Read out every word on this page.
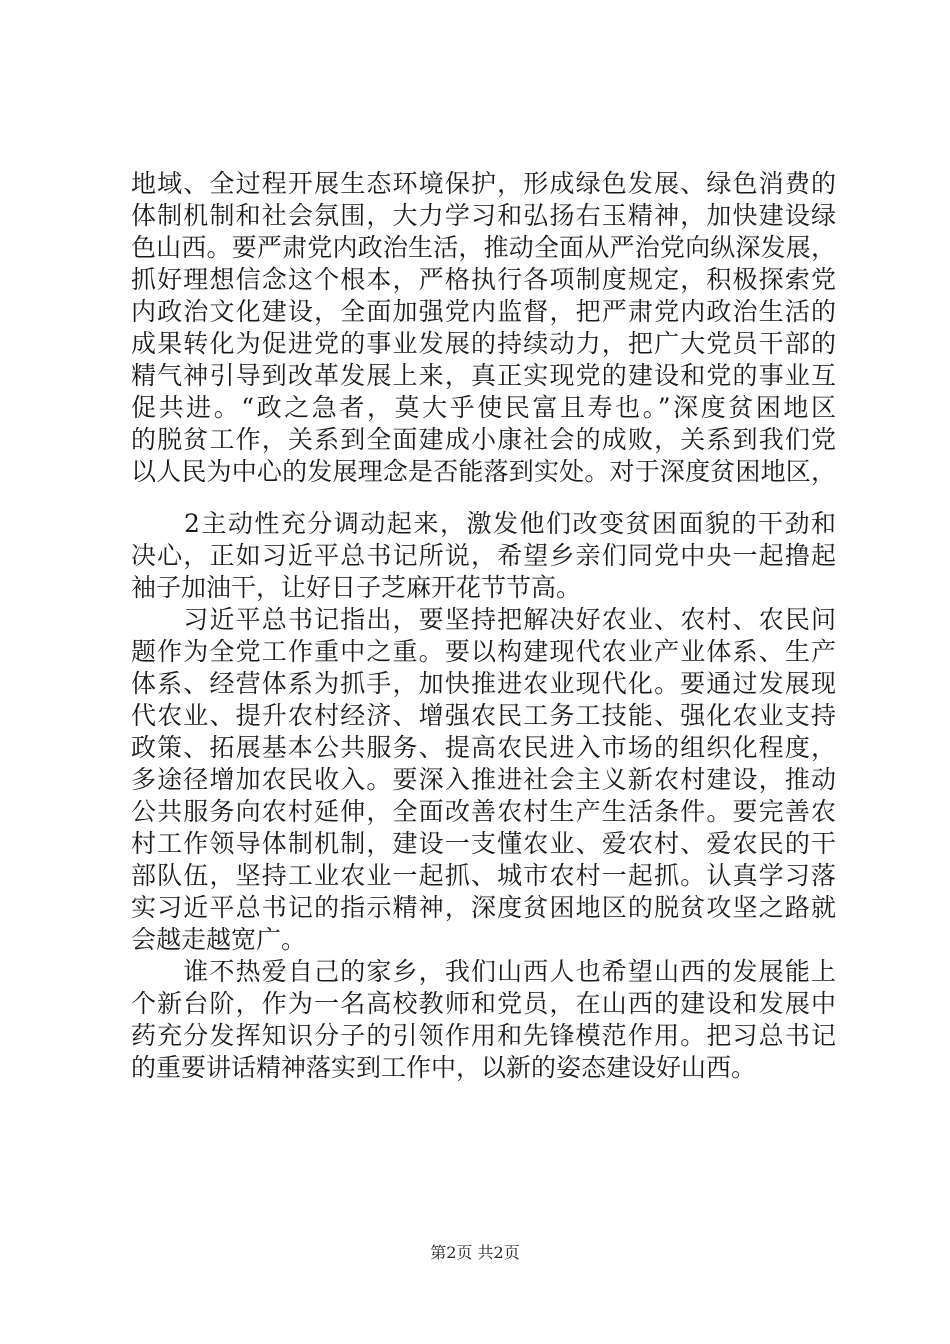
地域、全过程开展生态环境保护，形成绿色发展、绿色消费的
体制机制和社会氛围，大力学习和弘扬右玉精神，加快建设绿
色山西。要严肃党内政治生活，推动全面从严治党向纵深发展，
抓好理想信念这个根本，严格执行各项制度规定，积极探索党
内政治文化建设，全面加强党内监督，把严肃党内政治生活的
成果转化为促进党的事业发展的持续动力，把广大党员干部的
精气神引导到改革发展上来，真正实现党的建设和党的事业互
促共进。“政之急者，莫大乎使民富且寿也。”深度贫困地区
的脱贫工作，关系到全面建成小康社会的成败，关系到我们党
以人民为中心的发展理念是否能落到实处。对于深度贫困地区，
　　2主动性充分调动起来，激发他们改变贫困面貌的干劲和
决心，正如习近平总书记所说，希望乡亲们同党中央一起撸起
袖子加油干，让好日子芝麻开花节节高。
　　习近平总书记指出，要坚持把解决好农业、农村、农民问
题作为全党工作重中之重。要以构建现代农业产业体系、生产
体系、经营体系为抓手，加快推进农业现代化。要通过发展现
代农业、提升农村经济、增强农民工务工技能、强化农业支持
政策、拓展基本公共服务、提高农民进入市场的组织化程度，
多途径增加农民收入。要深入推进社会主义新农村建设，推动
公共服务向农村延伸，全面改善农村生产生活条件。要完善农
村工作领导体制机制，建设一支懂农业、爱农村、爱农民的干
部队伍，坚持工业农业一起抓、城市农村一起抓。认真学习落
实习近平总书记的指示精神，深度贫困地区的脱贫攻坚之路就
会越走越宽广。
　　谁不热爱自己的家乡，我们山西人也希望山西的发展能上
个新台阶，作为一名高校教师和党员，在山西的建设和发展中
药充分发挥知识分子的引领作用和先锋模范作用。把习总书记
的重要讲话精神落实到工作中，以新的姿态建设好山西。
第2页 共2页
